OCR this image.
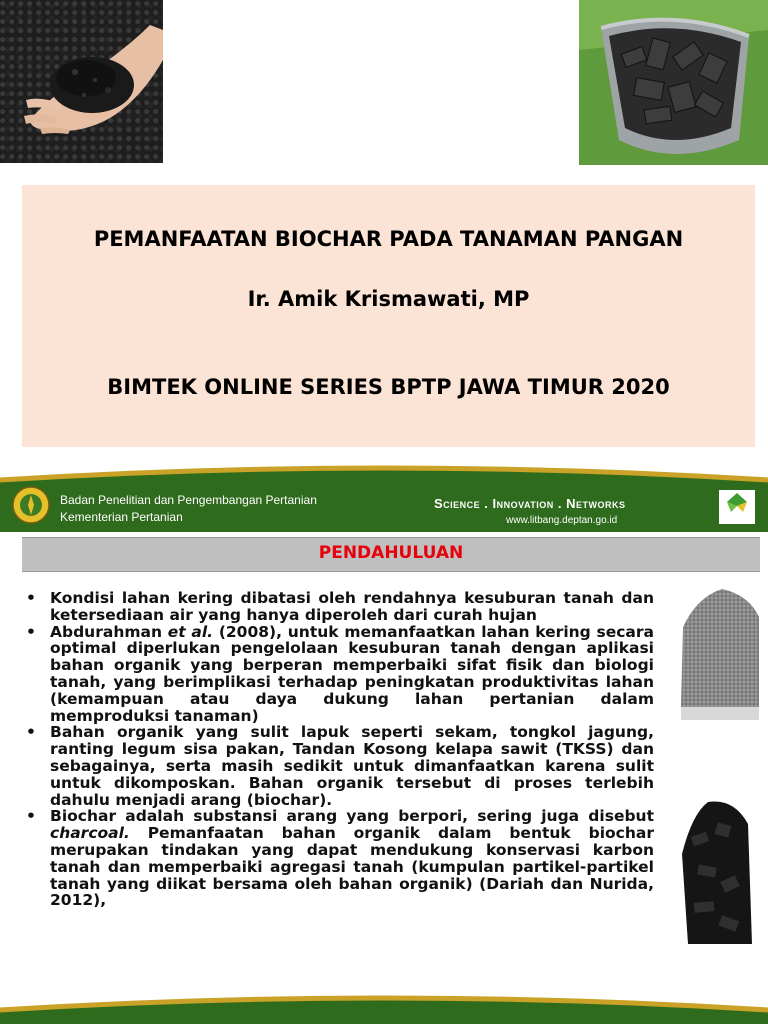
PEMANFAATAN BIOCHAR PADA TANAMAN PANGAN
Ir. Amik Krismawati, MP
BIMTEK ONLINE SERIES BPTP JAWA TIMUR 2020
Badan Penelitian dan Pengembangan Pertanian
Kementerian Pertanian
Science . Innovation . Networks
www.litbang.deptan.go.id
PENDAHULUAN
• Kondisi lahan kering dibatasi oleh rendahnya kesuburan tanah dan ketersediaan air yang hanya diperoleh dari curah hujan
• Abdurahman et al. (2008), untuk memanfaatkan lahan kering secara optimal diperlukan pengelolaan kesuburan tanah dengan aplikasi bahan organik yang berperan memperbaiki sifat fisik dan biologi tanah, yang berimplikasi terhadap peningkatan produktivitas lahan (kemampuan atau daya dukung lahan pertanian dalam memproduksi tanaman)
• Bahan organik yang sulit lapuk seperti sekam, tongkol jagung, ranting legum sisa pakan, Tandan Kosong kelapa sawit (TKSS) dan sebagainya, serta masih sedikit untuk dimanfaatkan karena sulit untuk dikomposkan. Bahan organik tersebut di proses terlebih dahulu menjadi arang (biochar).
• Biochar adalah substansi arang yang berpori, sering juga disebut charcoal. Pemanfaatan bahan organik dalam bentuk biochar merupakan tindakan yang dapat mendukung konservasi karbon tanah dan memperbaiki agregasi tanah (kumpulan partikel-partikel tanah yang diikat bersama oleh bahan organik) (Dariah dan Nurida, 2012),
